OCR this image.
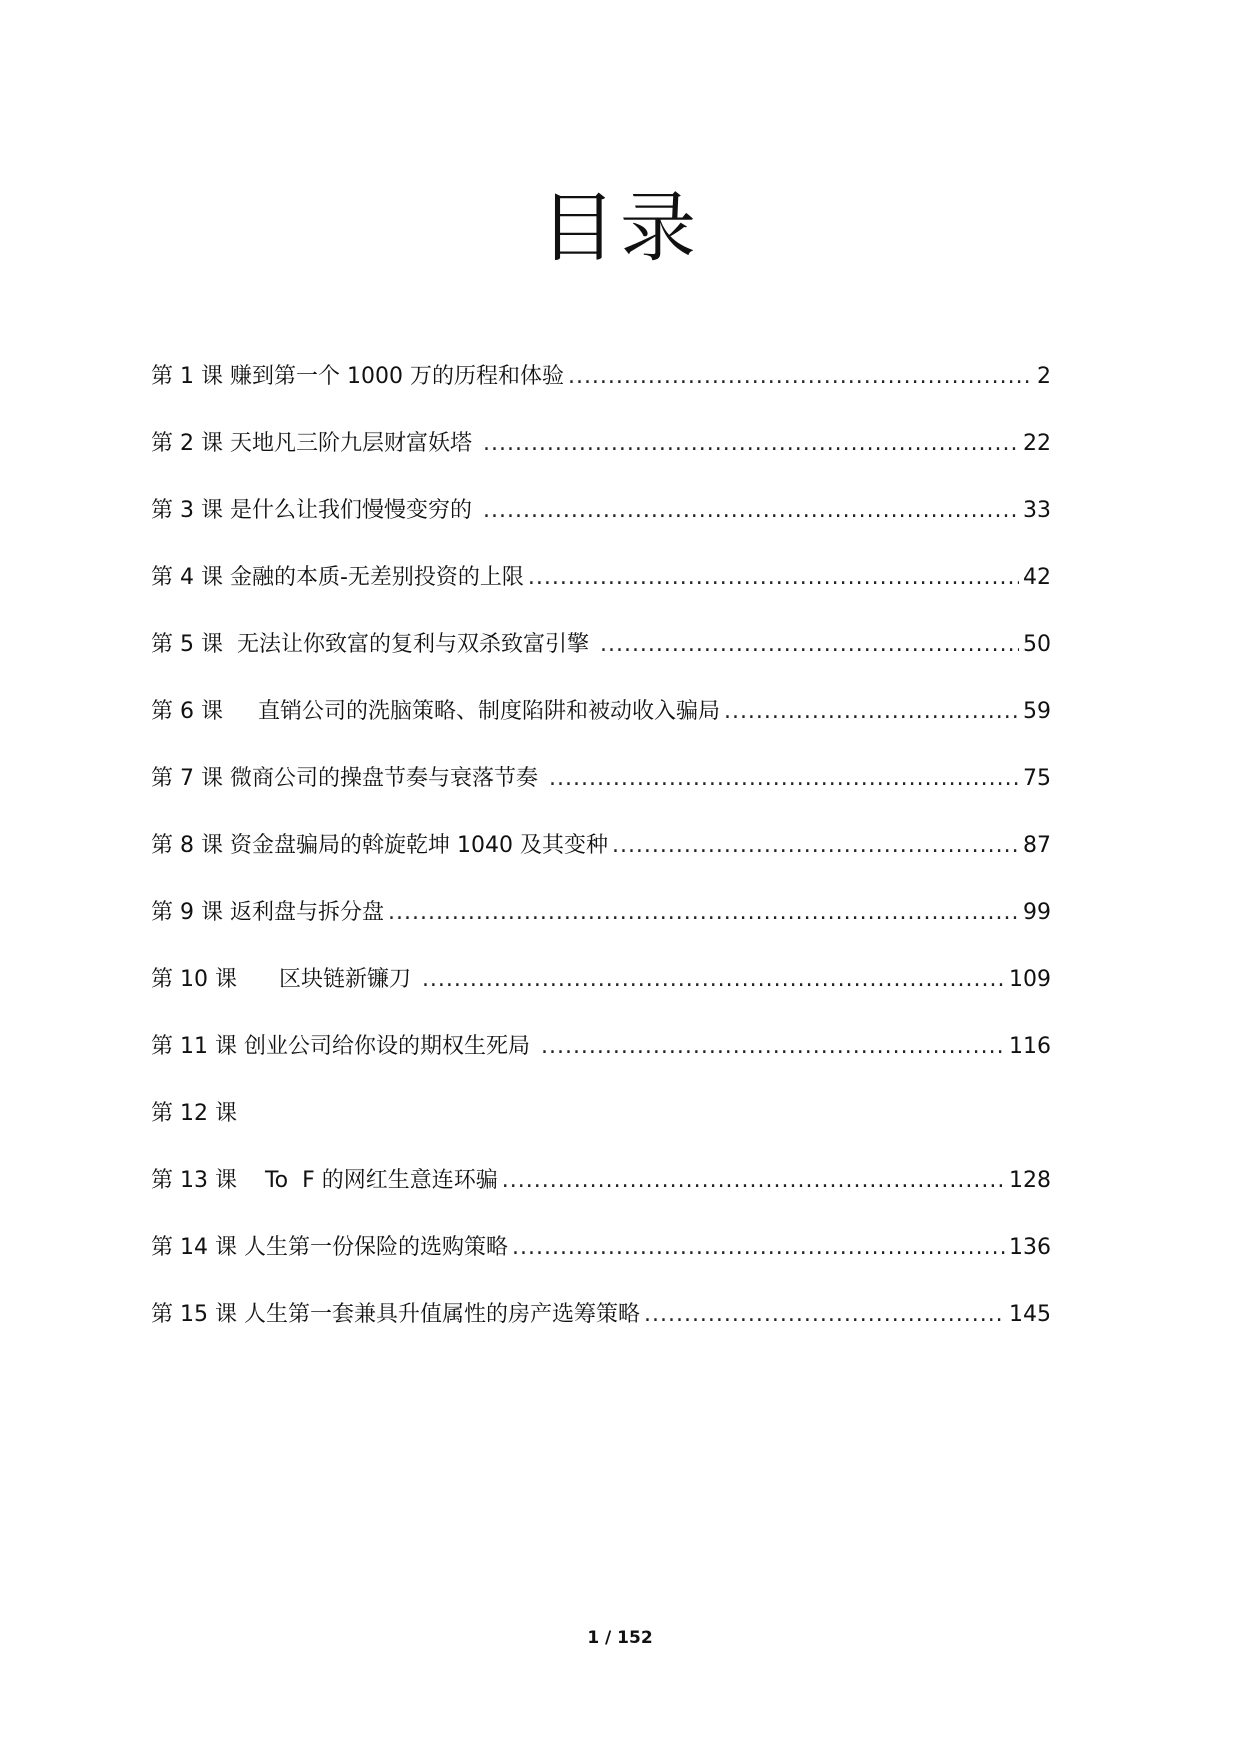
目录
第 1 课 赚到第一个 1000 万的历程和体验 .....	2
第 2 课 天地凡三阶九层财富妖塔 .....	22
第 3 课 是什么让我们慢慢变穷的 .....	33
第 4 课 金融的本质-无差别投资的上限 .....	42
第 5 课  无法让你致富的复利与双杀致富引擎 .....	50
第 6 课     直销公司的洗脑策略、制度陷阱和被动收入骗局 .....	59
第 7 课 微商公司的操盘节奏与衰落节奏 .....	75
第 8 课 资金盘骗局的斡旋乾坤 1040 及其变种 .....	87
第 9 课 返利盘与拆分盘 .....	99
第 10 课      区块链新镰刀 .....	109
第 11 课 创业公司给你设的期权生死局 .....	116
第 12 课
第 13 课    To  F 的网红生意连环骗 .....	128
第 14 课 人生第一份保险的选购策略 .....	136
第 15 课 人生第一套兼具升值属性的房产选筹策略 .....	145
1 / 152
